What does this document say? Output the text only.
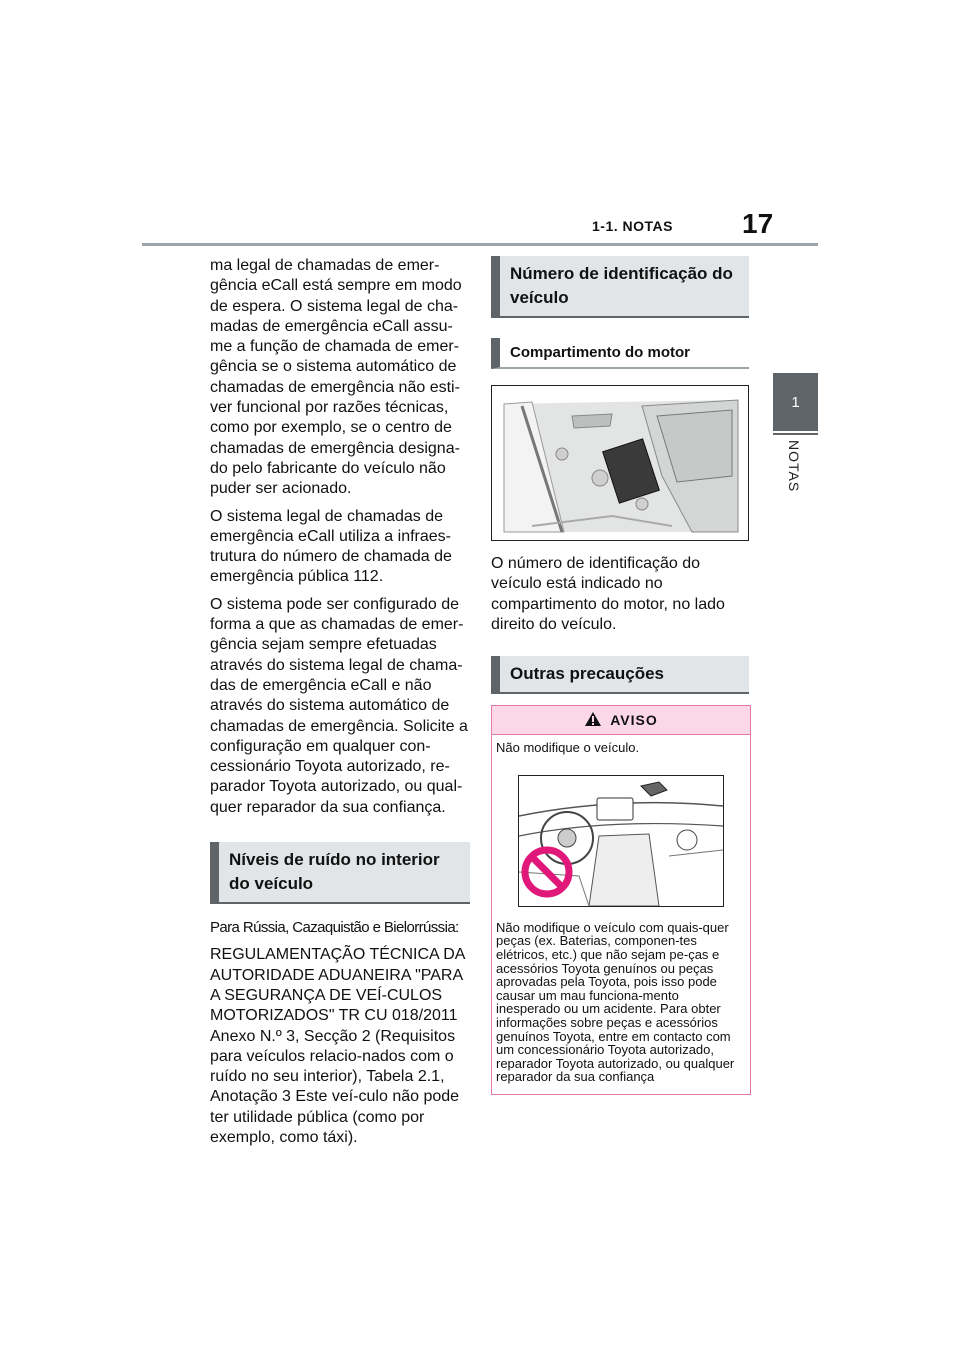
1-1. NOTAS 17
1
NOTAS

ma legal de chamadas de emer-gência eCall está sempre em modo de espera. O sistema legal de cha-madas de emergência eCall assu-me a função de chamada de emer-gência se o sistema automático de chamadas de emergência não esti-ver funcional por razões técnicas, como por exemplo, se o centro de chamadas de emergência designa-do pelo fabricante do veículo não puder ser acionado.

O sistema legal de chamadas de emergência eCall utiliza a infraes-trutura do número de chamada de emergência pública 112.

O sistema pode ser configurado de forma a que as chamadas de emer-gência sejam sempre efetuadas através do sistema legal de chama-das de emergência eCall e não através do sistema automático de chamadas de emergência. Solicite a configuração em qualquer con-cessionário Toyota autorizado, re-parador Toyota autorizado, ou qual-quer reparador da sua confiança.

Níveis de ruído no interior do veículo

Para Rússia, Cazaquistão e Bielorrússia:

REGULAMENTAÇÃO TÉCNICA DA AUTORIDADE ADUANEIRA "PARA A SEGURANÇA DE VEÍ-CULOS MOTORIZADOS" TR CU 018/2011 Anexo N.º 3, Secção 2 (Requisitos para veículos relacio-nados com o ruído no seu interior), Tabela 2.1, Anotação 3 Este veí-culo não pode ter utilidade pública (como por exemplo, como táxi).

Número de identificação do veículo
Compartimento do motor

O número de identificação do veículo está indicado no compartimento do motor, no lado direito do veículo.

Outras precauções
AVISO

Não modifique o veículo.

Não modifique o veículo com quais-quer peças (ex. Baterias, componen-tes elétricos, etc.) que não sejam pe-ças e acessórios Toyota genuínos ou peças aprovadas pela Toyota, pois isso pode causar um mau funciona-mento inesperado ou um acidente. Para obter informações sobre peças e acessórios genuínos Toyota, entre em contacto com um concessionário Toyota autorizado, reparador Toyota autorizado, ou qualquer reparador da sua confiança
